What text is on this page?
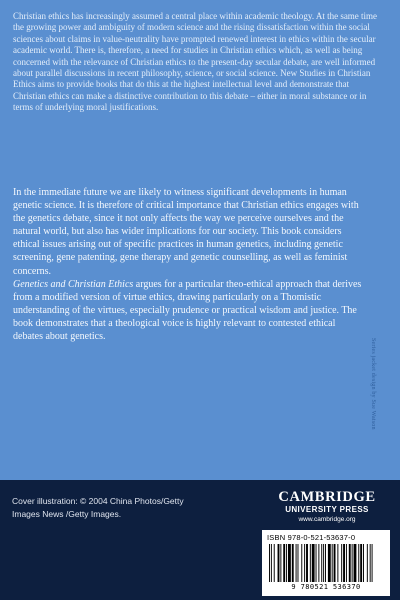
Christian ethics has increasingly assumed a central place within academic theology. At the same time the growing power and ambiguity of modern science and the rising dissatisfaction within the social sciences about claims in value-neutrality have prompted renewed interest in ethics within the secular academic world. There is, therefore, a need for studies in Christian ethics which, as well as being concerned with the relevance of Christian ethics to the present-day secular debate, are well informed about parallel discussions in recent philosophy, science, or social science. New Studies in Christian Ethics aims to provide books that do this at the highest intellectual level and demonstrate that Christian ethics can make a distinctive contribution to this debate – either in moral substance or in terms of underlying moral justifications.

In the immediate future we are likely to witness significant developments in human genetic science. It is therefore of critical importance that Christian ethics engages with the genetics debate, since it not only affects the way we perceive ourselves and the natural world, but also has wider implications for our society. This book considers ethical issues arising out of specific practices in human genetics, including genetic screening, gene patenting, gene therapy and genetic counselling, as well as feminist concerns.
Genetics and Christian Ethics argues for a particular theo-ethical approach that derives from a modified version of virtue ethics, drawing particularly on a Thomistic understanding of the virtues, especially prudence or practical wisdom and justice. The book demonstrates that a theological voice is highly relevant to contested ethical debates about genetics.

Series jacket design by Sue Watson
Cover illustration: © 2004 China Photos/Getty Images News /Getty Images.
CAMBRIDGE
UNIVERSITY PRESS
www.cambridge.org
ISBN 978-0-521-53637-0
9 780521 536370
